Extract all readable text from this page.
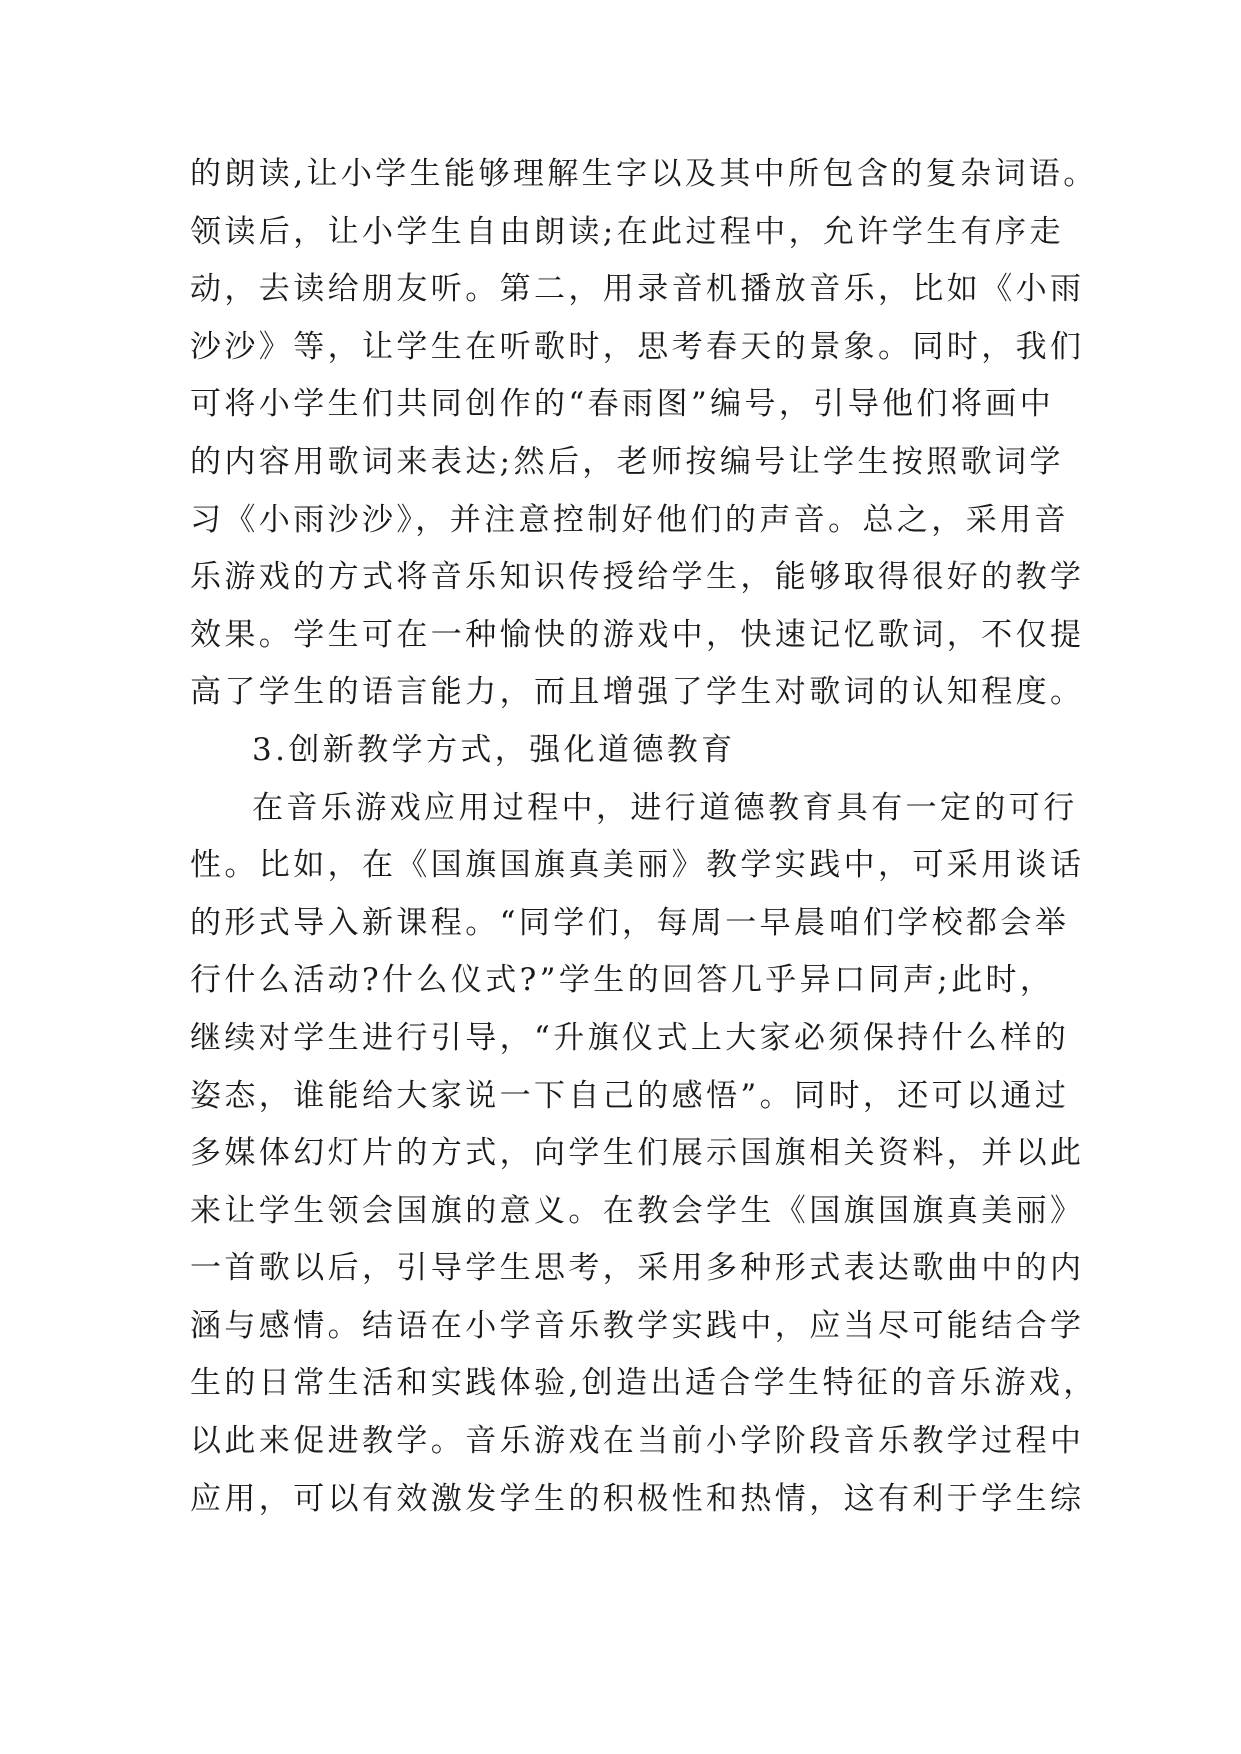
的朗读,让小学生能够理解生字以及其中所包含的复杂词语。
领读后，让小学生自由朗读;在此过程中，允许学生有序走
动，去读给朋友听。第二，用录音机播放音乐，比如《小雨
沙沙》等，让学生在听歌时，思考春天的景象。同时，我们
可将小学生们共同创作的“春雨图”编号，引导他们将画中
的内容用歌词来表达;然后，老师按编号让学生按照歌词学
习《小雨沙沙》，并注意控制好他们的声音。总之，采用音
乐游戏的方式将音乐知识传授给学生，能够取得很好的教学
效果。学生可在一种愉快的游戏中，快速记忆歌词，不仅提
高了学生的语言能力，而且增强了学生对歌词的认知程度。
3.创新教学方式，强化道德教育
在音乐游戏应用过程中，进行道德教育具有一定的可行
性。比如，在《国旗国旗真美丽》教学实践中，可采用谈话
的形式导入新课程。“同学们，每周一早晨咱们学校都会举
行什么活动?什么仪式?”学生的回答几乎异口同声;此时，
继续对学生进行引导，“升旗仪式上大家必须保持什么样的
姿态，谁能给大家说一下自己的感悟”。同时，还可以通过
多媒体幻灯片的方式，向学生们展示国旗相关资料，并以此
来让学生领会国旗的意义。在教会学生《国旗国旗真美丽》
一首歌以后，引导学生思考，采用多种形式表达歌曲中的内
涵与感情。结语在小学音乐教学实践中，应当尽可能结合学
生的日常生活和实践体验,创造出适合学生特征的音乐游戏，
以此来促进教学。音乐游戏在当前小学阶段音乐教学过程中
应用，可以有效激发学生的积极性和热情，这有利于学生综
